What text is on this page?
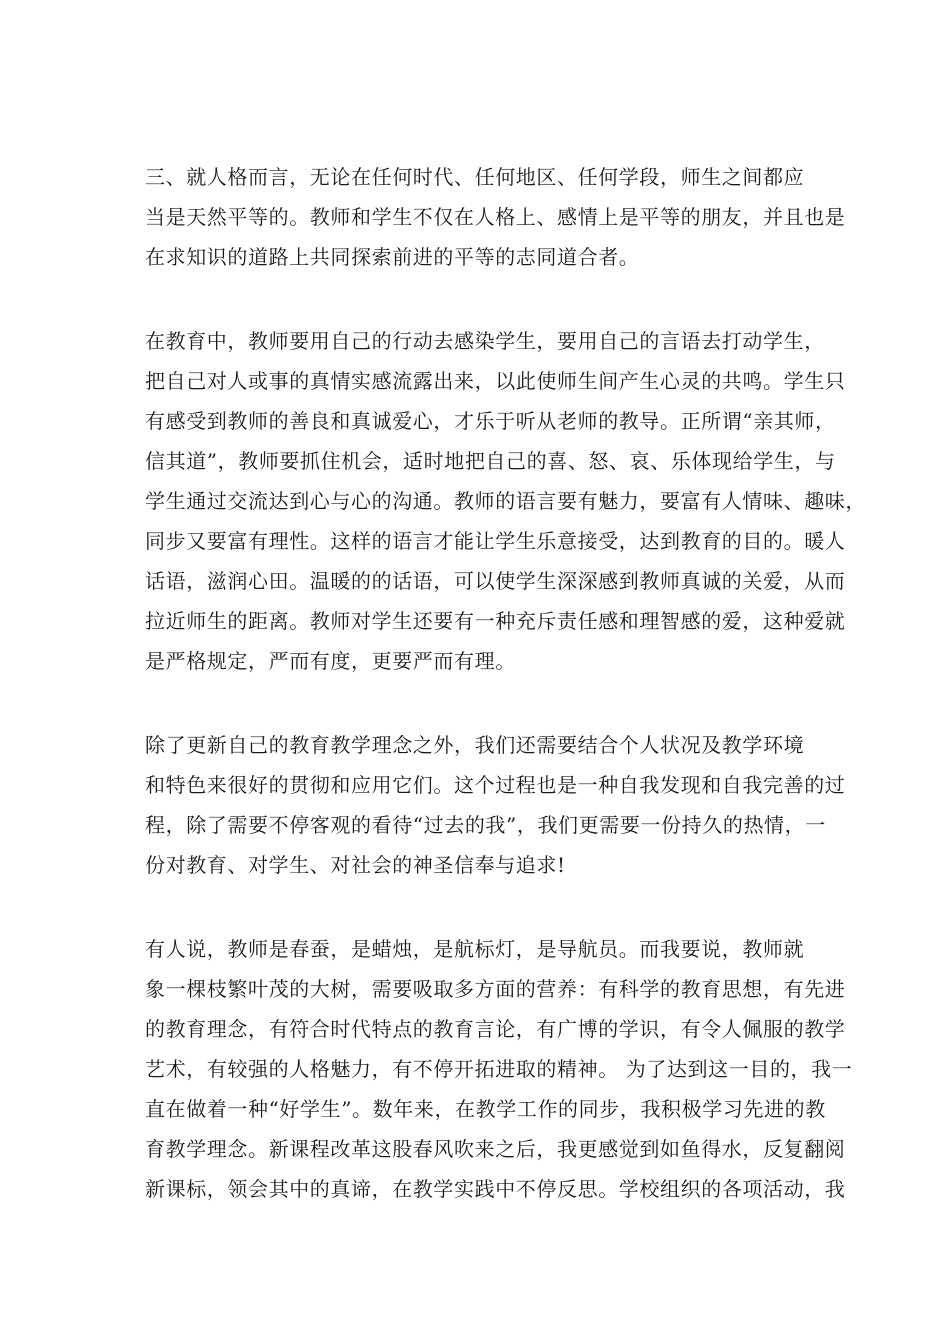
三、就人格而言，无论在任何时代、任何地区、任何学段，师生之间都应
当是天然平等的。教师和学生不仅在人格上、感情上是平等的朋友，并且也是
在求知识的道路上共同探索前进的平等的志同道合者。
在教育中，教师要用自己的行动去感染学生，要用自己的言语去打动学生，
把自己对人或事的真情实感流露出来，以此使师生间产生心灵的共鸣。学生只
有感受到教师的善良和真诚爱心，才乐于听从老师的教导。正所谓“亲其师，
信其道”，教师要抓住机会，适时地把自己的喜、怒、哀、乐体现给学生，与
学生通过交流达到心与心的沟通。教师的语言要有魅力，要富有人情味、趣味，
同步又要富有理性。这样的语言才能让学生乐意接受，达到教育的目的。暖人
话语，滋润心田。温暖的的话语，可以使学生深深感到教师真诚的关爱，从而
拉近师生的距离。教师对学生还要有一种充斥责任感和理智感的爱，这种爱就
是严格规定，严而有度，更要严而有理。
除了更新自己的教育教学理念之外，我们还需要结合个人状况及教学环境
和特色来很好的贯彻和应用它们。这个过程也是一种自我发现和自我完善的过
程，除了需要不停客观的看待“过去的我”，我们更需要一份持久的热情，一
份对教育、对学生、对社会的神圣信奉与追求!
有人说，教师是春蚕，是蜡烛，是航标灯，是导航员。而我要说，教师就
象一棵枝繁叶茂的大树，需要吸取多方面的营养：有科学的教育思想，有先进
的教育理念，有符合时代特点的教育言论，有广博的学识，有令人佩服的教学
艺术，有较强的人格魅力，有不停开拓进取的精神。 为了达到这一目的，我一
直在做着一种“好学生”。数年来，在教学工作的同步，我积极学习先进的教
育教学理念。新课程改革这股春风吹来之后，我更感觉到如鱼得水，反复翻阅
新课标，领会其中的真谛，在教学实践中不停反思。学校组织的各项活动，我
